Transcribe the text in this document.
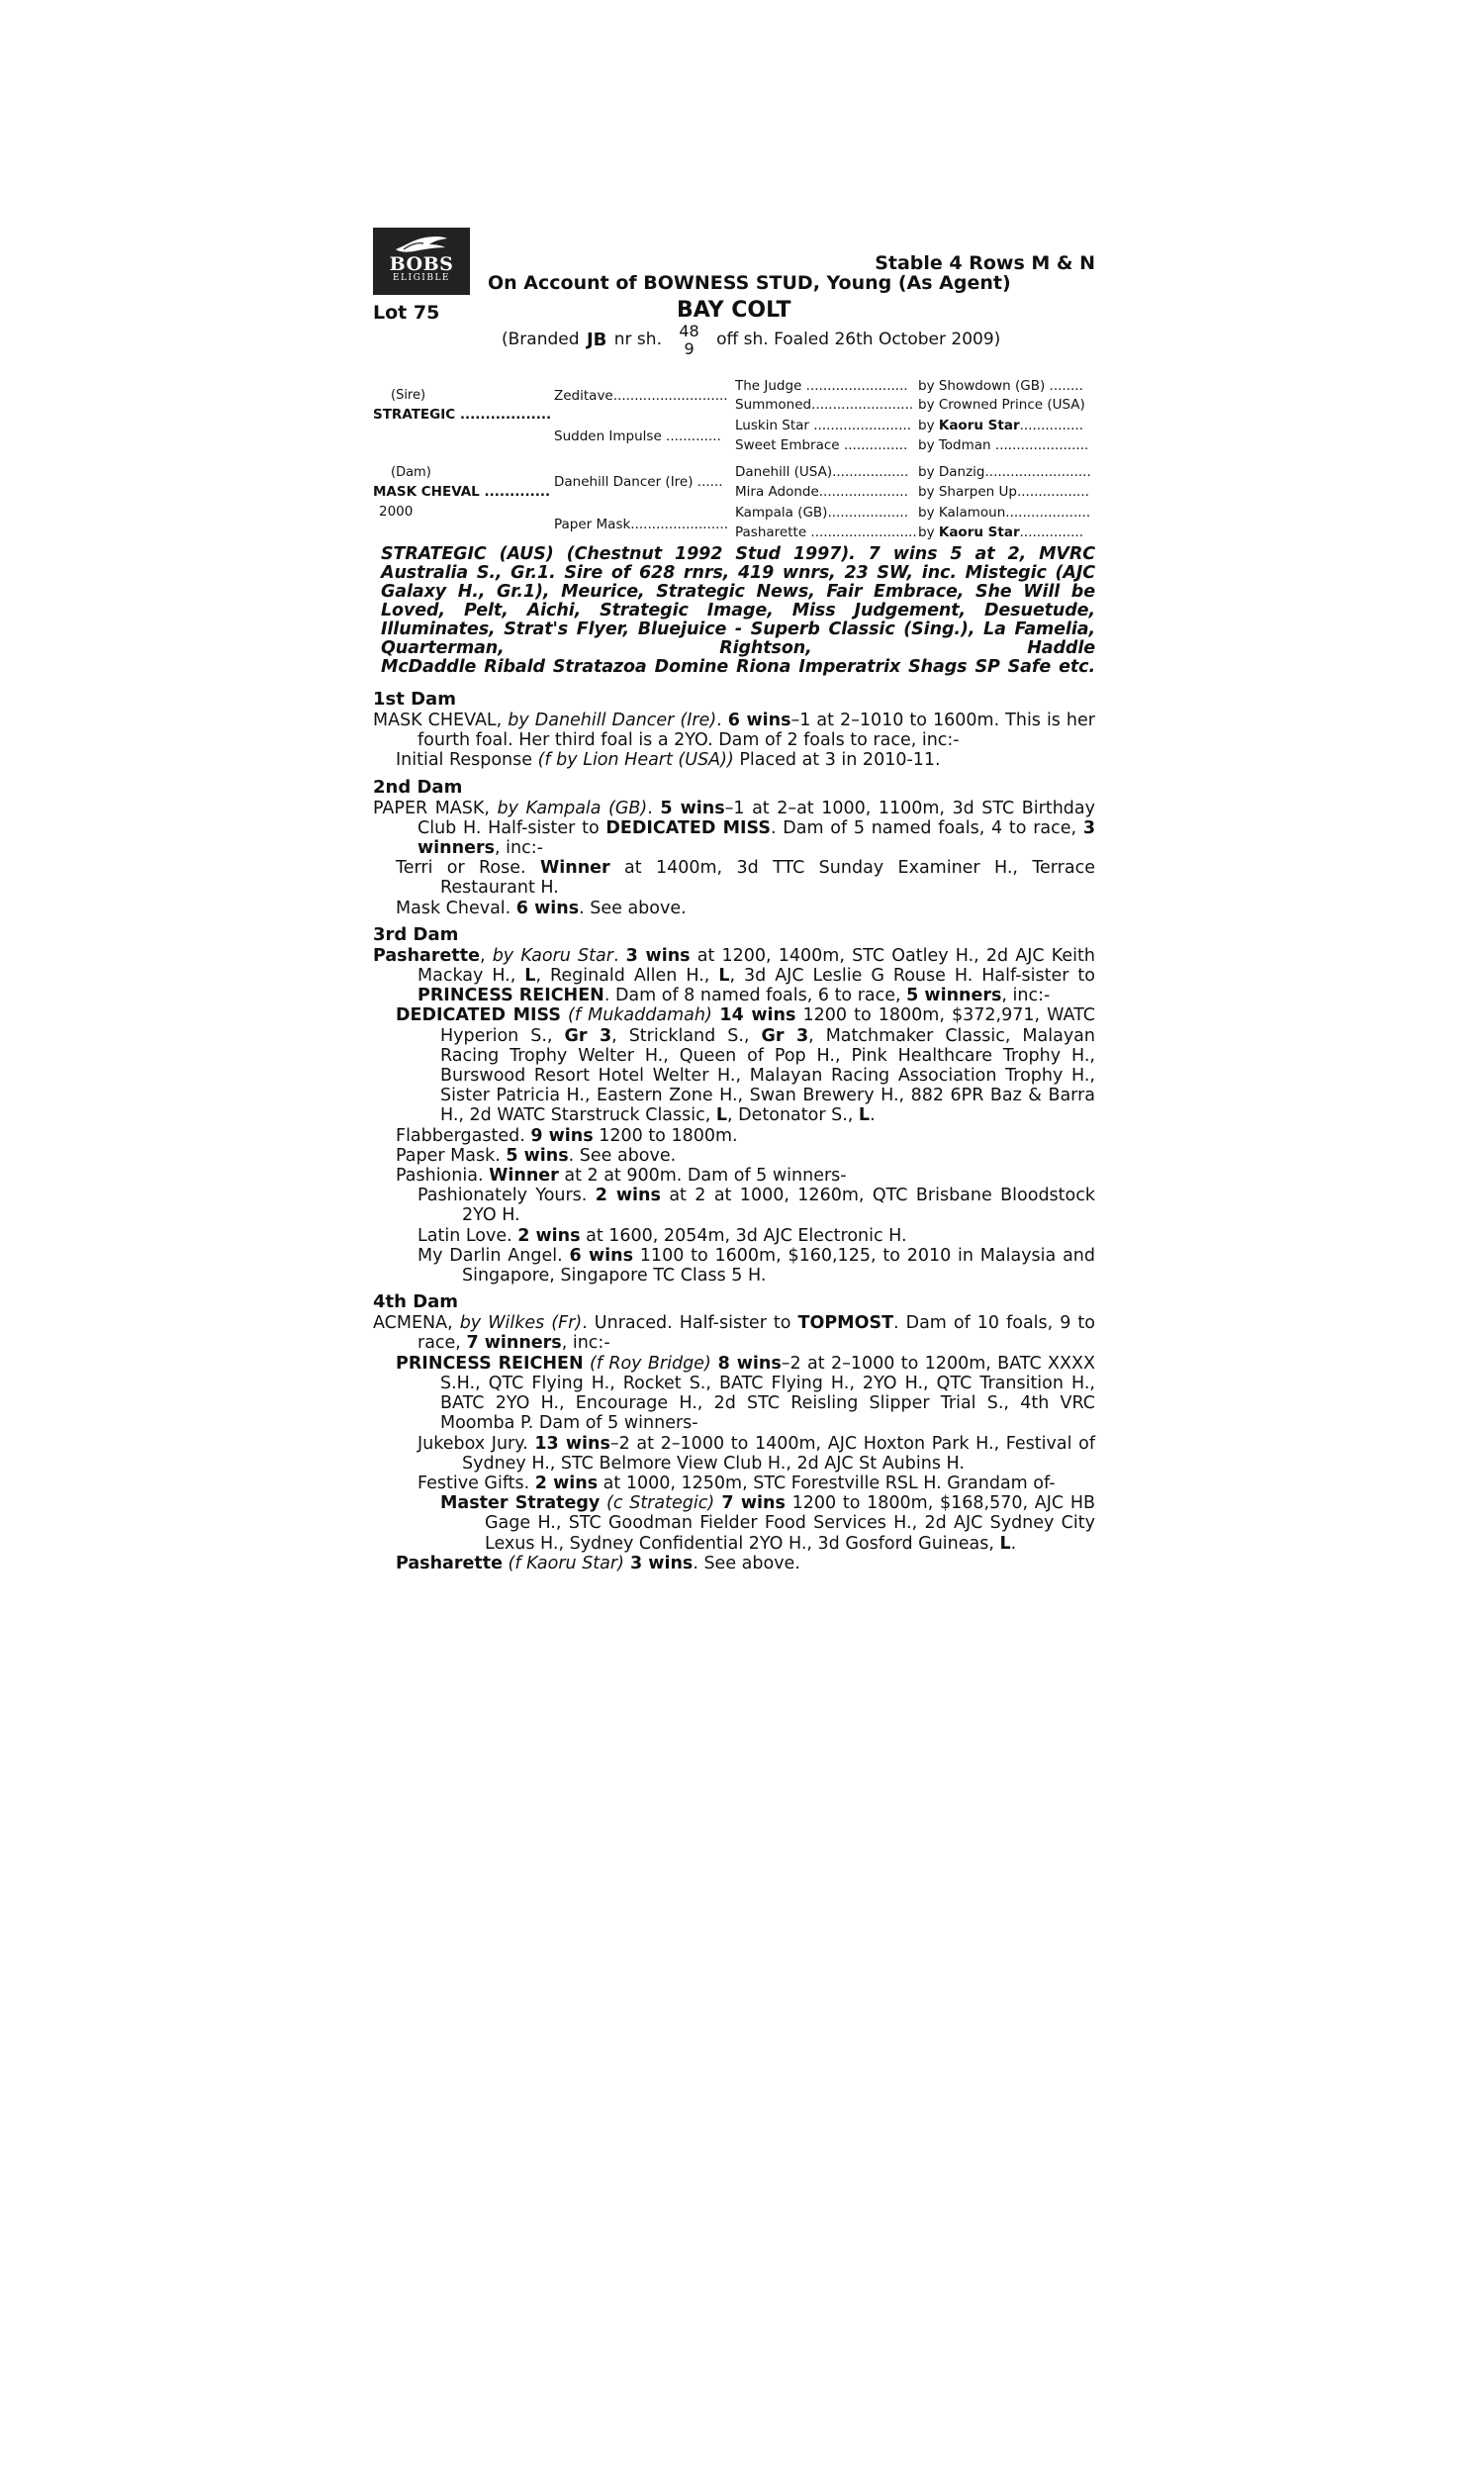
BOBS
ELIGIBLE
Stable 4 Rows M & N
On Account of BOWNESS STUD, Young (As Agent)
Lot 75	BAY COLT
(Branded JB nr sh. 48
9 off sh. Foaled 26th October 2009)
(Sire)
STRATEGIC ..................
(Dam)
MASK CHEVAL .............
2000
Zeditave...........................
Sudden Impulse .............
Danehill Dancer (Ire) ......
Paper Mask.......................
The Judge ........................
Summoned........................
Luskin Star .......................
Sweet Embrace ...............
Danehill (USA)..................
Mira Adonde.....................
Kampala (GB)...................
Pasharette .........................
by Showdown (GB) ........
by Crowned Prince (USA)
by Kaoru Star...............
by Todman ......................
by Danzig.........................
by Sharpen Up.................
by Kalamoun....................
by Kaoru Star...............
STRATEGIC (AUS) (Chestnut 1992 Stud 1997). 7 wins 5 at 2, MVRC Australia S., Gr.1. Sire of 628 rnrs, 419 wnrs, 23 SW, inc. Mistegic (AJC Galaxy H., Gr.1), Meurice, Strategic News, Fair Embrace, She Will be Loved, Pelt, Aichi, Strategic Image, Miss Judgement, Desuetude, Illuminates, Strat's Flyer, Bluejuice - Superb Classic (Sing.), La Famelia, Quarterman, Rightson, Haddle
McDaddle Ribald Stratazoa Domine Riona Imperatrix Shags SP Safe etc.
1st Dam
MASK CHEVAL, by Danehill Dancer (Ire). 6 wins–1 at 2–1010 to 1600m. This is her fourth foal. Her third foal is a 2YO. Dam of 2 foals to race, inc:-
Initial Response (f by Lion Heart (USA)) Placed at 3 in 2010-11.
2nd Dam
PAPER MASK, by Kampala (GB). 5 wins–1 at 2–at 1000, 1100m, 3d STC Birthday Club H. Half-sister to DEDICATED MISS. Dam of 5 named foals, 4 to race, 3 winners, inc:-
Terri or Rose. Winner at 1400m, 3d TTC Sunday Examiner H., Terrace Restaurant H.
Mask Cheval. 6 wins. See above.
3rd Dam
Pasharette, by Kaoru Star. 3 wins at 1200, 1400m, STC Oatley H., 2d AJC Keith Mackay H., L, Reginald Allen H., L, 3d AJC Leslie G Rouse H. Half-sister to PRINCESS REICHEN. Dam of 8 named foals, 6 to race, 5 winners, inc:-
DEDICATED MISS (f Mukaddamah) 14 wins 1200 to 1800m, $372,971, WATC Hyperion S., Gr 3, Strickland S., Gr 3, Matchmaker Classic, Malayan Racing Trophy Welter H., Queen of Pop H., Pink Healthcare Trophy H., Burswood Resort Hotel Welter H., Malayan Racing Association Trophy H., Sister Patricia H., Eastern Zone H., Swan Brewery H., 882 6PR Baz & Barra H., 2d WATC Starstruck Classic, L, Detonator S., L.
Flabbergasted. 9 wins 1200 to 1800m.
Paper Mask. 5 wins. See above.
Pashionia. Winner at 2 at 900m. Dam of 5 winners-
Pashionately Yours. 2 wins at 2 at 1000, 1260m, QTC Brisbane Bloodstock 2YO H.
Latin Love. 2 wins at 1600, 2054m, 3d AJC Electronic H.
My Darlin Angel. 6 wins 1100 to 1600m, $160,125, to 2010 in Malaysia and Singapore, Singapore TC Class 5 H.
4th Dam
ACMENA, by Wilkes (Fr). Unraced. Half-sister to TOPMOST. Dam of 10 foals, 9 to race, 7 winners, inc:-
PRINCESS REICHEN (f Roy Bridge) 8 wins–2 at 2–1000 to 1200m, BATC XXXX S.H., QTC Flying H., Rocket S., BATC Flying H., 2YO H., QTC Transition H., BATC 2YO H., Encourage H., 2d STC Reisling Slipper Trial S., 4th VRC Moomba P. Dam of 5 winners-
Jukebox Jury. 13 wins–2 at 2–1000 to 1400m, AJC Hoxton Park H., Festival of Sydney H., STC Belmore View Club H., 2d AJC St Aubins H.
Festive Gifts. 2 wins at 1000, 1250m, STC Forestville RSL H. Grandam of-
Master Strategy (c Strategic) 7 wins 1200 to 1800m, $168,570, AJC HB Gage H., STC Goodman Fielder Food Services H., 2d AJC Sydney City Lexus H., Sydney Confidential 2YO H., 3d Gosford Guineas, L.
Pasharette (f Kaoru Star) 3 wins. See above.
